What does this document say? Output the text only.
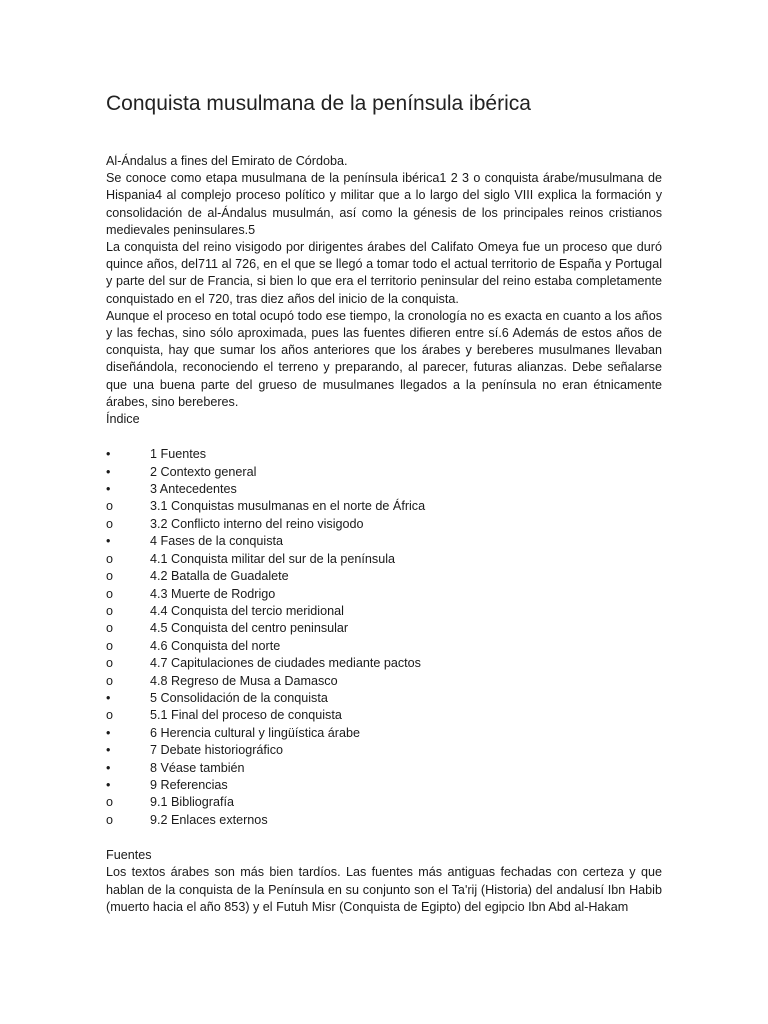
Conquista musulmana de la península ibérica

Al-Ándalus a fines del Emirato de Córdoba.

Se conoce como etapa musulmana de la península ibérica1 2 3 o conquista árabe/musulmana de Hispania4 al complejo proceso político y militar que a lo largo del siglo VIII explica la formación y consolidación de al-Ándalus musulmán, así como la génesis de los principales reinos cristianos medievales peninsulares.5

La conquista del reino visigodo por dirigentes árabes del Califato Omeya fue un proceso que duró quince años, del711 al 726, en el que se llegó a tomar todo el actual territorio de España y Portugal y parte del sur de Francia, si bien lo que era el territorio peninsular del reino estaba completamente conquistado en el 720, tras diez años del inicio de la conquista.

Aunque el proceso en total ocupó todo ese tiempo, la cronología no es exacta en cuanto a los años y las fechas, sino sólo aproximada, pues las fuentes difieren entre sí.6 Además de estos años de conquista, hay que sumar los años anteriores que los árabes y bereberes musulmanes llevaban diseñándola, reconociendo el terreno y preparando, al parecer, futuras alianzas. Debe señalarse que una buena parte del grueso de musulmanes llegados a la península no eran étnicamente árabes, sino bereberes.

Índice

•	1 Fuentes
•	2 Contexto general
•	3 Antecedentes
o	3.1 Conquistas musulmanas en el norte de África
o	3.2 Conflicto interno del reino visigodo
•	4 Fases de la conquista
o	4.1 Conquista militar del sur de la península
o	4.2 Batalla de Guadalete
o	4.3 Muerte de Rodrigo
o	4.4 Conquista del tercio meridional
o	4.5 Conquista del centro peninsular
o	4.6 Conquista del norte
o	4.7 Capitulaciones de ciudades mediante pactos
o	4.8 Regreso de Musa a Damasco
•	5 Consolidación de la conquista
o	5.1 Final del proceso de conquista
•	6 Herencia cultural y lingüística árabe
•	7 Debate historiográfico
•	8 Véase también
•	9 Referencias
o	9.1 Bibliografía
o	9.2 Enlaces externos

Fuentes

Los textos árabes son más bien tardíos. Las fuentes más antiguas fechadas con certeza y que hablan de la conquista de la Península en su conjunto son el Ta'rij (Historia) del andalusí Ibn Habib (muerto hacia el año 853) y el Futuh Misr (Conquista de Egipto) del egipcio Ibn Abd al-Hakam
